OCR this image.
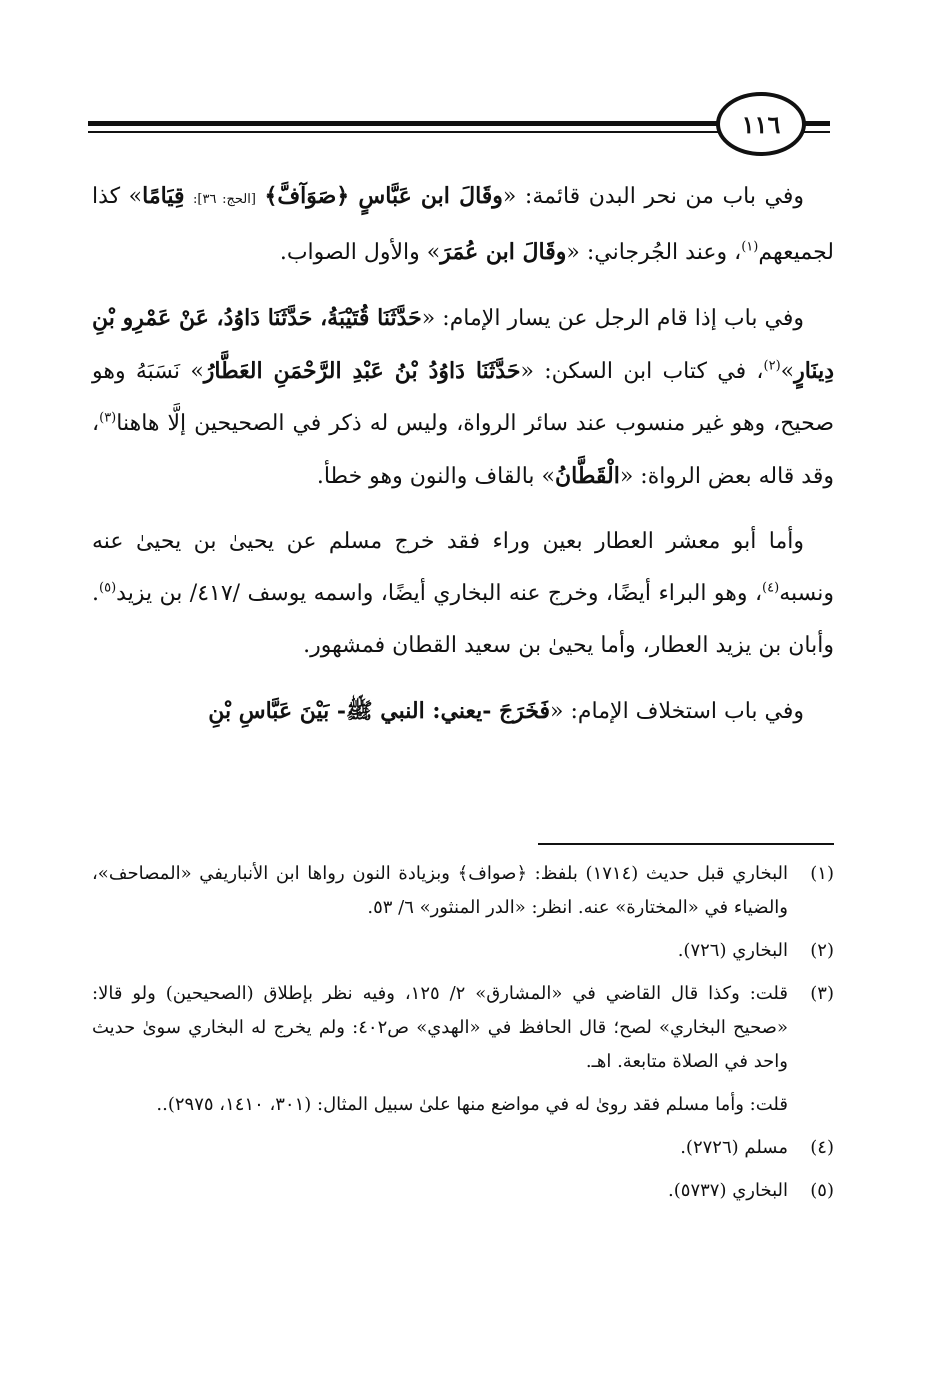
١١٦

وفي باب من نحر البدن قائمة: «وقَالَ ابن عَبَّاسٍ ﴿صَوَآفَّ﴾ [الحج: ٣٦]: قِيَامًا» كذا لجميعهم$^{(١)}$، وعند الجُرجاني: «وقَالَ ابن عُمَرَ» والأول الصواب.

وفي باب إذا قام الرجل عن يسار الإمام: «حَدَّثَنَا قُتَيْبَةُ، حَدَّثَنَا دَاوُدُ، عَنْ عَمْرِو بْنِ دِينَارٍ»$^{(٢)}$، في كتاب ابن السكن: «حَدَّثَنَا دَاوُدُ بْنُ عَبْدِ الرَّحْمَنِ العَطَّارُ» نَسَبَهُ وهو صحيح، وهو غير منسوب عند سائر الرواة، وليس له ذكر في الصحيحين إلَّا هاهنا$^{(٣)}$، وقد قاله بعض الرواة: «الْقَطَّانُ» بالقاف والنون وهو خطأ.

وأما أبو معشر العطار بعين وراء فقد خرج مسلم عن يحيىٰ بن يحيىٰ عنه ونسبه$^{(٤)}$، وهو البراء أيضًا، وخرج عنه البخاري أيضًا، واسمه يوسف /٤١٧/ بن يزيد$^{(٥)}$. وأبان بن يزيد العطار، وأما يحيىٰ بن سعيد القطان فمشهور.

وفي باب استخلاف الإمام: «فَخَرَجَ -يعني: النبي ﷺ- بَيْنَ عَبَّاسِ بْنِ

(١)
البخاري قبل حديث (١٧١٤) بلفظ: ﴿صواف﴾ وبزيادة النون رواها ابن الأنباريفي «المصاحف»، والضياء في «المختارة» عنه. انظر: «الدر المنثور» ٦/ ٥٣.
(٢)
البخاري (٧٢٦).
(٣)
قلت: وكذا قال القاضي في «المشارق» ٢/ ١٢٥، وفيه نظر بإطلاق (الصحيحين) ولو قالا: «صحيح البخاري» لصح؛ قال الحافظ في «الهدي» ص٤٠٢: ولم يخرج له البخاري سوىٰ حديث واحد في الصلاة متابعة. اهـ.
قلت: وأما مسلم فقد روىٰ له في مواضع منها علىٰ سبيل المثال: (٣٠١، ١٤١٠، ٢٩٧٥)..
(٤)
مسلم (٢٧٢٦).
(٥)
البخاري (٥٧٣٧).
